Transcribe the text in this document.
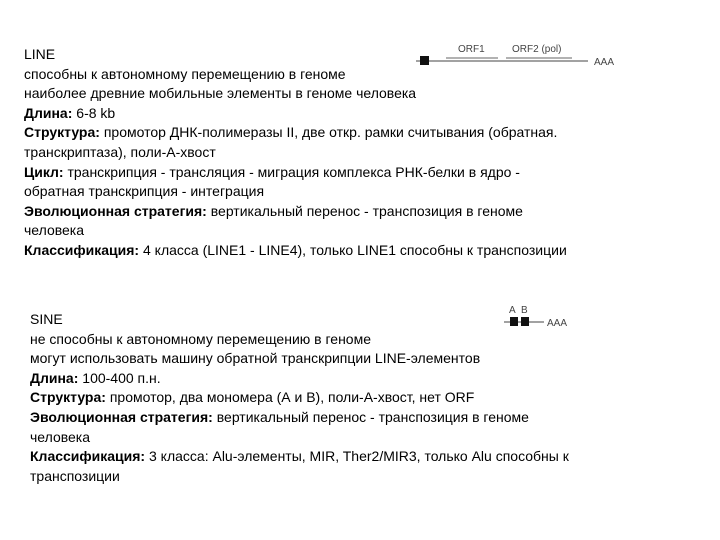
ORF1	ORF2 (pol)
AAA
LINE
способны к автономному перемещению в геноме
наиболее древние мобильные элементы в геноме человека
Длина: 6-8 kb
Структура: промотор ДНК-полимеразы II, две откр. рамки считывания (обратная.
транскриптаза), поли-А-хвост
Цикл: транскрипция - трансляция - миграция комплекса РНК-белки в ядро -
обратная транскрипция - интеграция
Эволюционная стратегия: вертикальный перенос - транспозиция в геноме
человека
Классификация: 4 класса (LINE1 - LINE4), только LINE1 способны к транспозиции
A B
AAA
SINE
не способны к автономному перемещению в геноме
могут использовать машину обратной транскрипции LINE-элементов
Длина: 100-400 п.н.
Структура: промотор, два мономера (А и В), поли-А-хвост, нет ORF
Эволюционная стратегия: вертикальный перенос - транспозиция в геноме
человека
Классификация: 3 класса: Alu-элементы, MIR, Ther2/MIR3, только Alu способны к
транспозиции
